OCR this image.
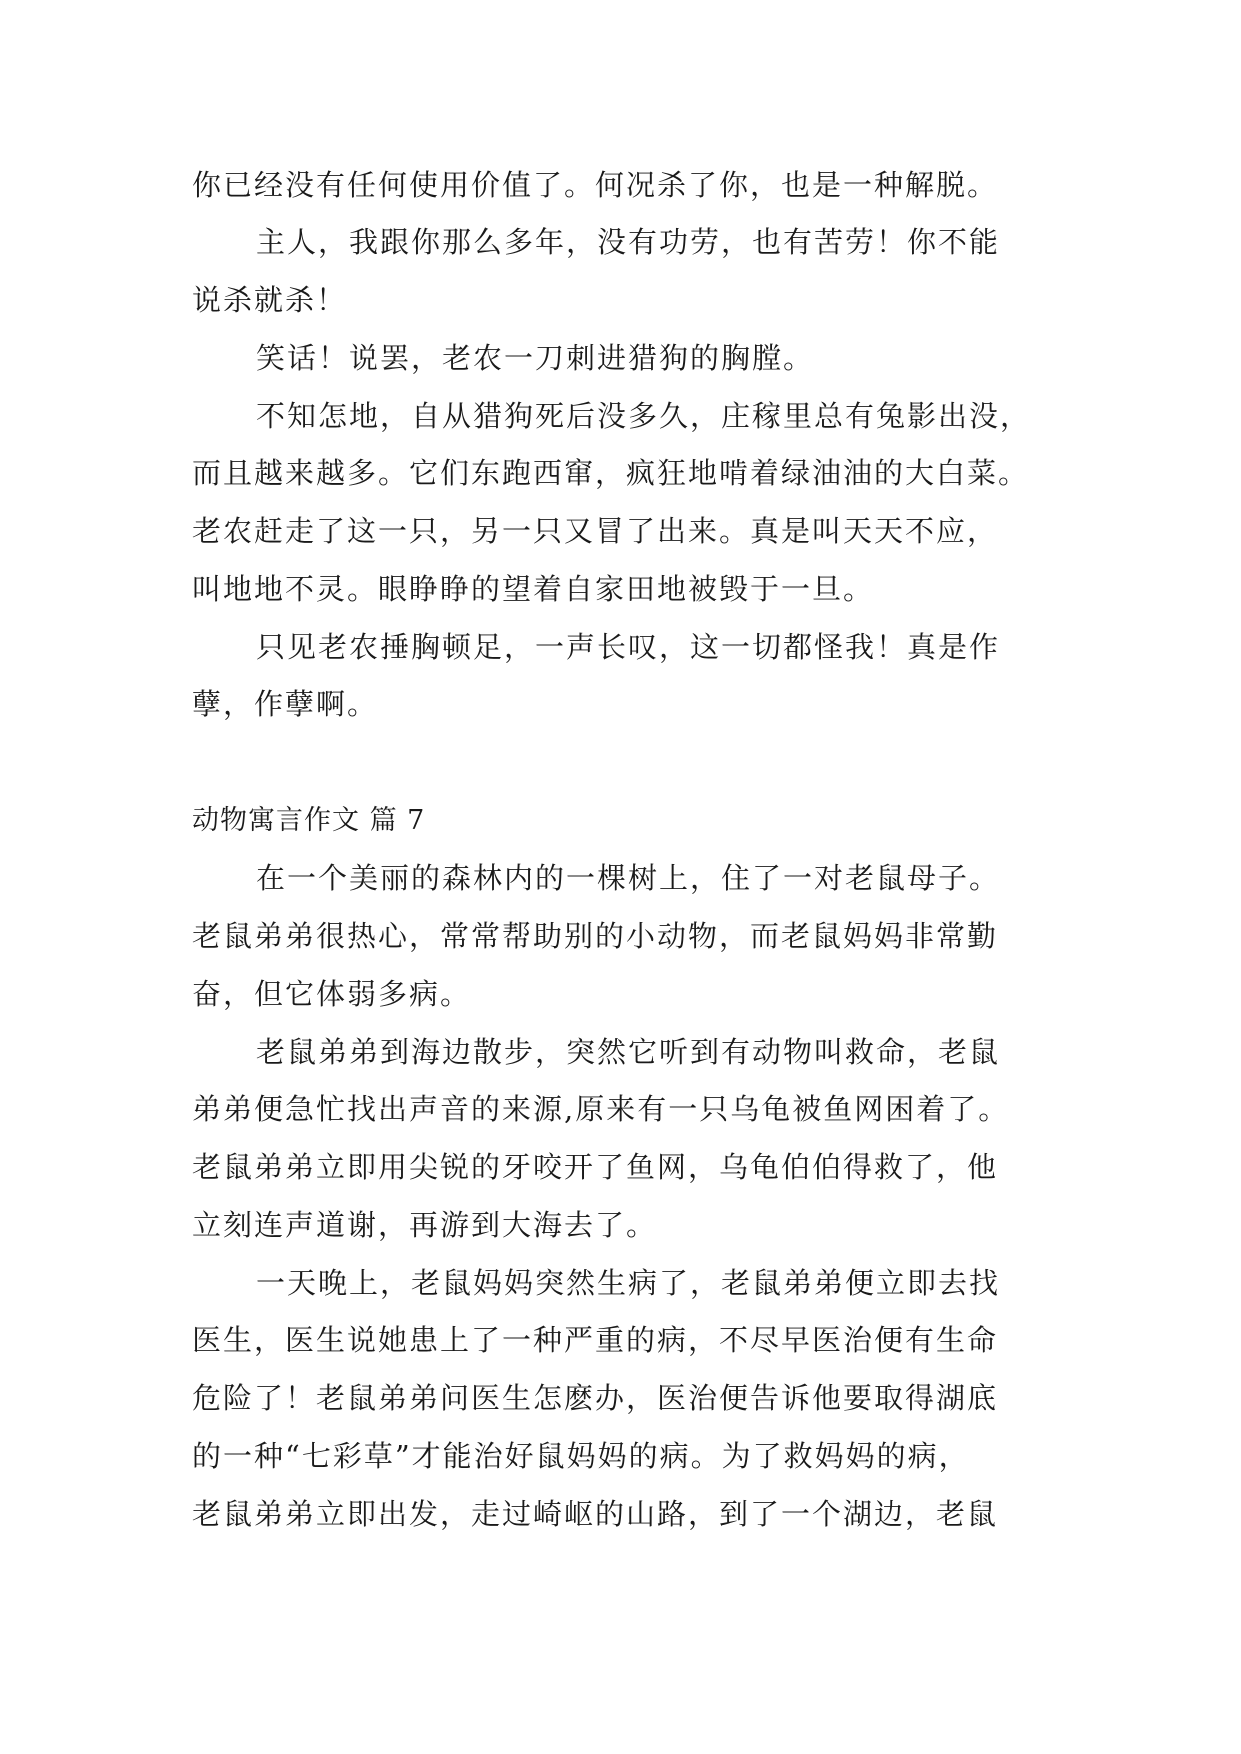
你已经没有任何使用价值了。何况杀了你，也是一种解脱。
主人，我跟你那么多年，没有功劳，也有苦劳！你不能
说杀就杀！
笑话！说罢，老农一刀刺进猎狗的胸膛。
不知怎地，自从猎狗死后没多久，庄稼里总有兔影出没，
而且越来越多。它们东跑西窜，疯狂地啃着绿油油的大白菜。
老农赶走了这一只，另一只又冒了出来。真是叫天天不应，
叫地地不灵。眼睁睁的望着自家田地被毁于一旦。
只见老农捶胸顿足，一声长叹，这一切都怪我！真是作
孽，作孽啊。
动物寓言作文 篇 7
在一个美丽的森林内的一棵树上，住了一对老鼠母子。
老鼠弟弟很热心，常常帮助别的小动物，而老鼠妈妈非常勤
奋，但它体弱多病。
老鼠弟弟到海边散步，突然它听到有动物叫救命，老鼠
弟弟便急忙找出声音的来源,原来有一只乌龟被鱼网困着了。
老鼠弟弟立即用尖锐的牙咬开了鱼网，乌龟伯伯得救了，他
立刻连声道谢，再游到大海去了。
一天晚上，老鼠妈妈突然生病了，老鼠弟弟便立即去找
医生，医生说她患上了一种严重的病，不尽早医治便有生命
危险了！老鼠弟弟问医生怎麽办，医治便告诉他要取得湖底
的一种“七彩草”才能治好鼠妈妈的病。为了救妈妈的病，
老鼠弟弟立即出发，走过崎岖的山路，到了一个湖边，老鼠
